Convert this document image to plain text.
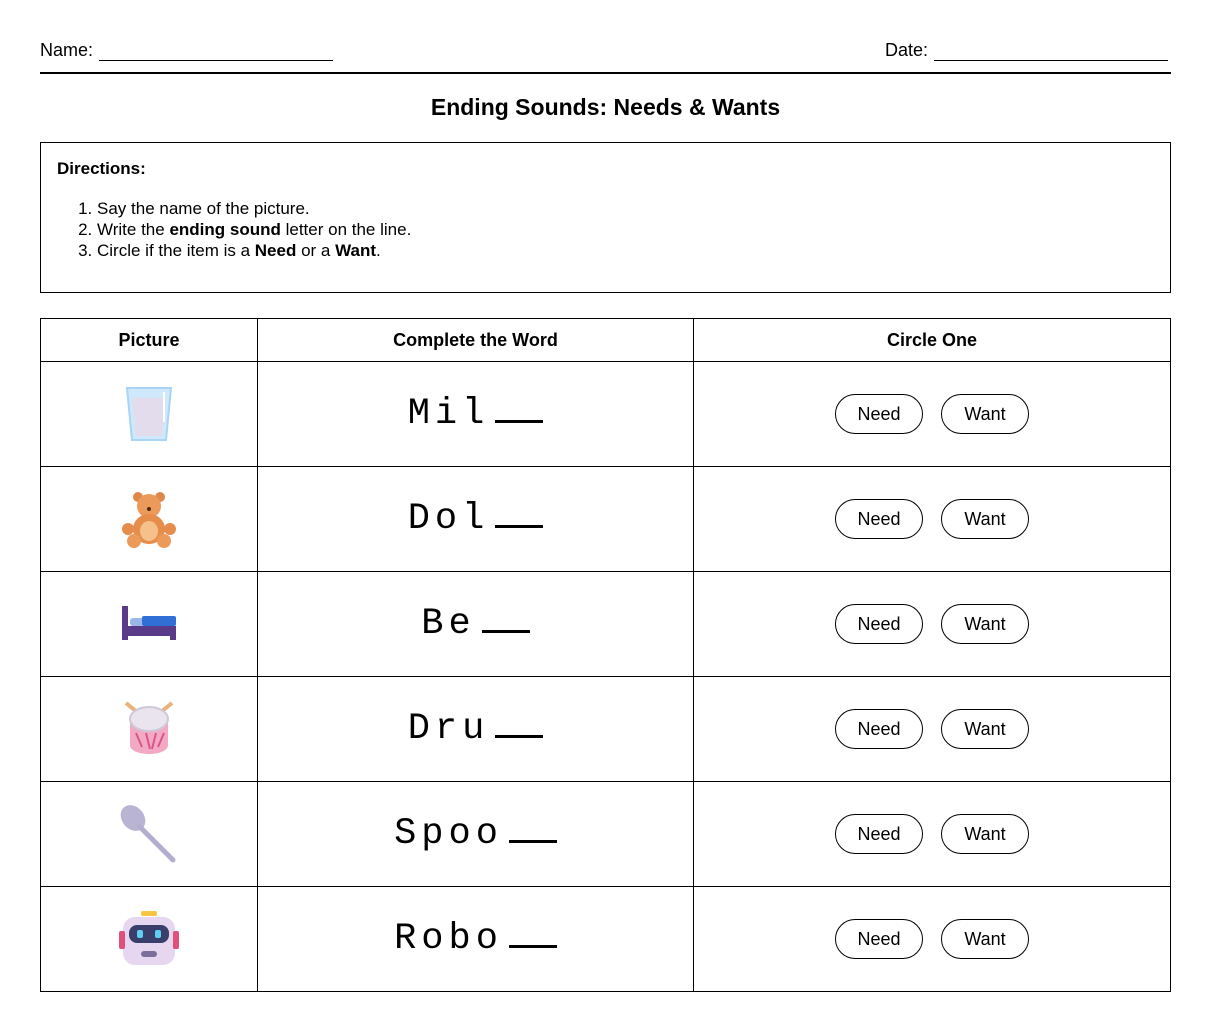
Name:	Date:
Ending Sounds: Needs & Wants
Directions:
1. Say the name of the picture.
2. Write the ending sound letter on the line.
3. Circle if the item is a Need or a Want.
Picture	Complete the Word	Circle One

Mil	Need Want

Dol	Need Want

Be	Need Want

Dru	Need Want

Spoo	Need Want

Robo	Need Want
